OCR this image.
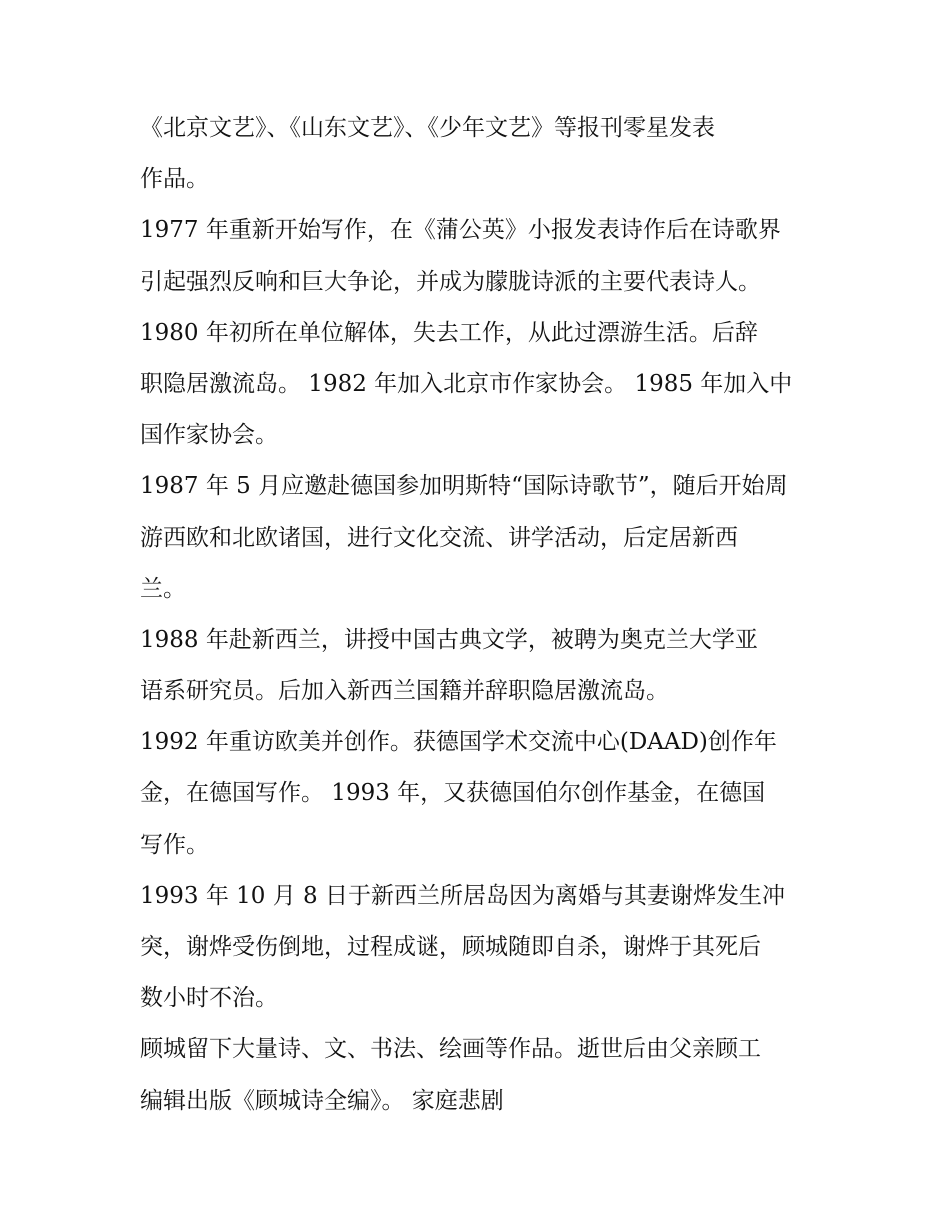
《北京文艺》、《山东文艺》、《少年文艺》等报刊零星发表
作品。
1977 年重新开始写作，在《蒲公英》小报发表诗作后在诗歌界
引起强烈反响和巨大争论，并成为朦胧诗派的主要代表诗人。
1980 年初所在单位解体，失去工作，从此过漂游生活。后辞
职隐居激流岛。 1982 年加入北京市作家协会。 1985 年加入中
国作家协会。
1987 年 5 月应邀赴德国参加明斯特“国际诗歌节”，随后开始周
游西欧和北欧诸国，进行文化交流、讲学活动，后定居新西
兰。
1988 年赴新西兰，讲授中国古典文学，被聘为奥克兰大学亚
语系研究员。后加入新西兰国籍并辞职隐居激流岛。
1992 年重访欧美并创作。获德国学术交流中心(DAAD)创作年
金，在德国写作。 1993 年，又获德国伯尔创作基金，在德国
写作。
1993 年 10 月 8 日于新西兰所居岛因为离婚与其妻谢烨发生冲
突，谢烨受伤倒地，过程成谜，顾城随即自杀，谢烨于其死后
数小时不治。
顾城留下大量诗、文、书法、绘画等作品。逝世后由父亲顾工
编辑出版《顾城诗全编》。 家庭悲剧
